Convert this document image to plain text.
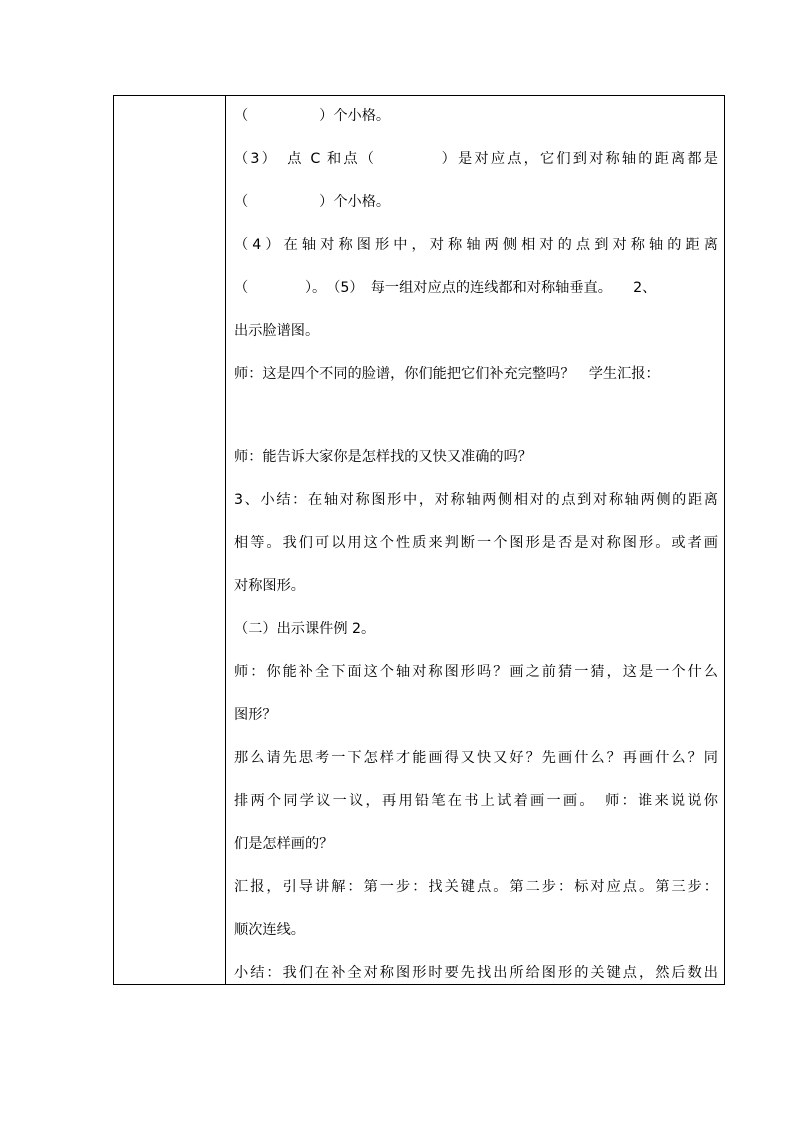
（　　　　　）个小格。
（3）　点 C 和点（　　　　）是对应点，它们到对称轴的距离都是
（　　　　　）个小格。
（4）在轴对称图形中，对称轴两侧相对的点到对称轴的距离
（　　　　）。　（5）　每一组对应点的连线都和对称轴垂直。　　2、
出示脸谱图。
师：这是四个不同的脸谱，你们能把它们补充完整吗？　学生汇报：
师：能告诉大家你是怎样找的又快又准确的吗？
3、小结：在轴对称图形中，对称轴两侧相对的点到对称轴两侧的距离
相等。我们可以用这个性质来判断一个图形是否是对称图形。或者画
对称图形。
（二）出示课件例 2。
师：你能补全下面这个轴对称图形吗？画之前猜一猜，这是一个什么
图形？
那么请先思考一下怎样才能画得又快又好？先画什么？再画什么？同
排两个同学议一议，再用铅笔在书上试着画一画。　师：谁来说说你
们是怎样画的？
汇报，引导讲解：第一步：找关键点。第二步：标对应点。第三步：
顺次连线。
小结：我们在补全对称图形时要先找出所给图形的关键点，然后数出
